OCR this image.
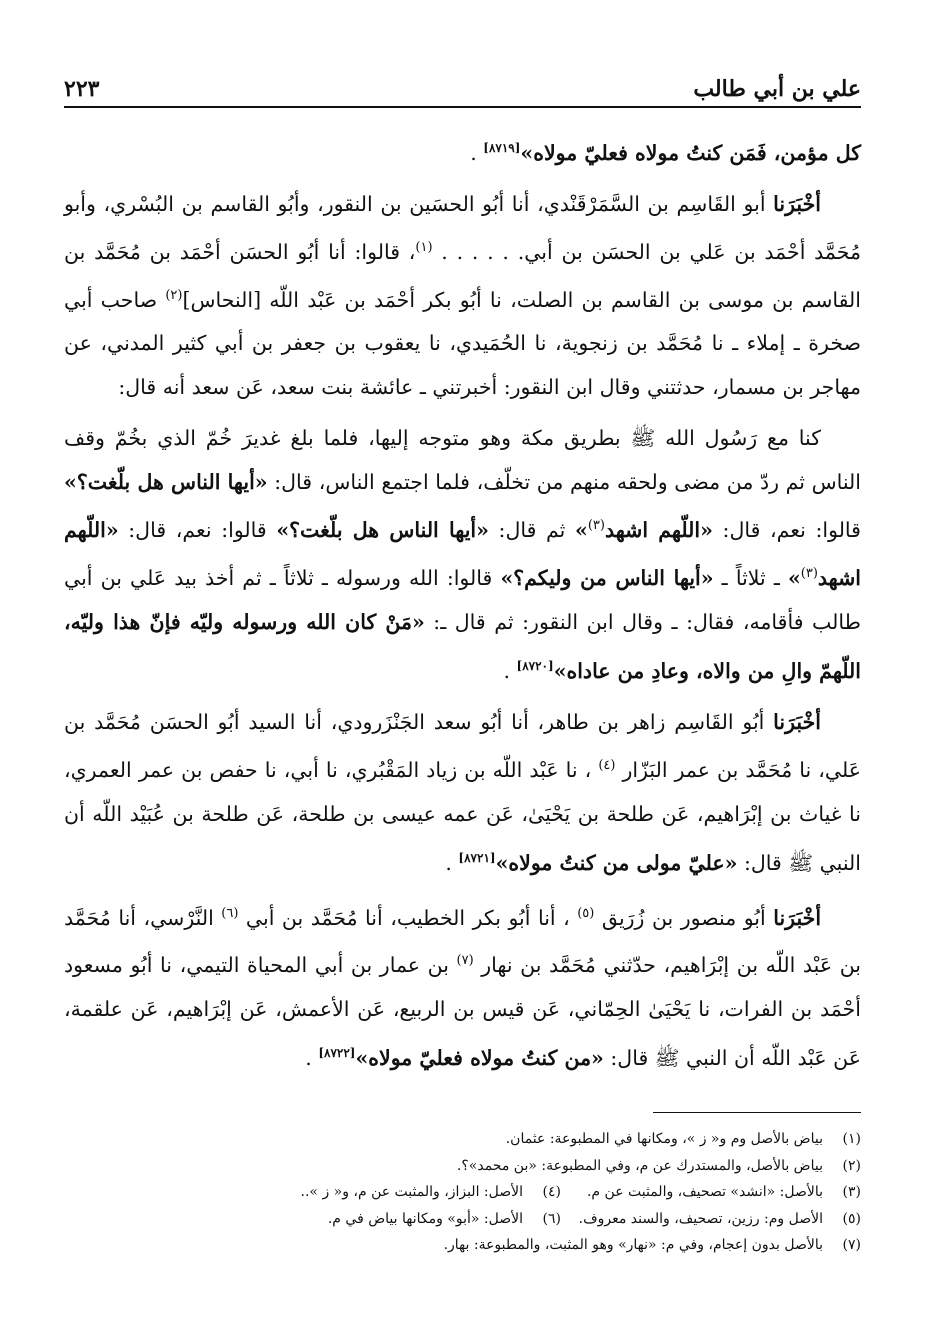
علي بن أبي طالب
٢٢٣

كل مؤمن، فَمَن كنتُ مولاه فعليّ مولاه»[٨٧١٩] .

أخْبَرَنا أبو القَاسِم بن السَّمَرْقَنْدي، أنا أبُو الحسَين بن النقور، وأبُو القاسم بن البُسْري، وأبو مُحَمَّد أحْمَد بن عَلي بن الحسَن بن أبي. . . . . . $^{(١)}$، قالوا: أنا أبُو الحسَن أحْمَد بن مُحَمَّد بن القاسم بن موسى بن القاسم بن الصلت، نا أبُو بكر أحْمَد بن عَبْد اللّه [النحاس]$^{(٢)}$ صاحب أبي صخرة ـ إملاء ـ نا مُحَمَّد بن زنجوية، نا الحُمَيدي، نا يعقوب بن جعفر بن أبي كثير المدني، عن مهاجر بن مسمار، حدثتني وقال ابن النقور: أخبرتني ـ عائشة بنت سعد، عَن سعد أنه قال:

كنا مع رَسُول الله ﷺ بطريق مكة وهو متوجه إليها، فلما بلغ غديرَ خُمّ الذي بخُمّ وقف الناس ثم ردّ من مضى ولحقه منهم من تخلّف، فلما اجتمع الناس، قال: «أيها الناس هل بلّغت؟» قالوا: نعم، قال: «اللّهم اشهد$^{(٣)}$» ثم قال: «أيها الناس هل بلّغت؟» قالوا: نعم، قال: «اللّهم اشهد$^{(٣)}$» ـ ثلاثاً ـ «أيها الناس من وليكم؟» قالوا: الله ورسوله ـ ثلاثاً ـ ثم أخذ بيد عَلي بن أبي طالب فأقامه، فقال: ـ وقال ابن النقور: ثم قال ـ: «مَنْ كان الله ورسوله وليّه فإنّ هذا وليّه، اللّهمّ والِ من والاه، وعادِ من عاداه»[٨٧٢٠] .

أخْبَرَنا أبُو القَاسِم زاهر بن طاهر، أنا أبُو سعد الجَنْزَرودي، أنا السيد أبُو الحسَن مُحَمَّد بن عَلي، نا مُحَمَّد بن عمر البَزّار $^{(٤)}$ ، نا عَبْد اللّه بن زياد المَقْبُري، نا أبي، نا حفص بن عمر العمري، نا غياث بن إبْرَاهيم، عَن طلحة بن يَحْيَىٰ، عَن عمه عيسى بن طلحة، عَن طلحة بن عُبَيْد اللّه أن النبي ﷺ قال: «عليّ مولى من كنتُ مولاه»[٨٧٢١] .

أخْبَرَنا أبُو منصور بن زُرَيق $^{(٥)}$ ، أنا أبُو بكر الخطيب، أنا مُحَمَّد بن أبي $^{(٦)}$ النَّرْسي، أنا مُحَمَّد بن عَبْد اللّه بن إبْرَاهيم، حدّثني مُحَمَّد بن نهار $^{(٧)}$ بن عمار بن أبي المحياة التيمي، نا أبُو مسعود أحْمَد بن الفرات، نا يَحْيَىٰ الحِمّاني، عَن قيس بن الربيع، عَن الأعمش، عَن إبْرَاهيم، عَن علقمة، عَن عَبْد اللّه أن النبي ﷺ قال: «من كنتُ مولاه فعليّ مولاه»[٨٧٢٢] .

(١)
بياض بالأصل وم و« ز »، ومكانها في المطبوعة: عثمان.
(٢)
بياض بالأصل، والمستدرك عن م، وفي المطبوعة: «بن محمد»؟.
(٣)
بالأصل: «انشد» تصحيف، والمثبت عن م.
(٤)
الأصل: البزاز، والمثبت عن م، و« ز »..
(٥)
الأصل وم: رزين، تصحيف، والسند معروف.
(٦)
الأصل: «أبو» ومكانها بياض في م.
(٧)
بالأصل بدون إعجام، وفي م: «نهار» وهو المثبت، والمطبوعة: بهار.
